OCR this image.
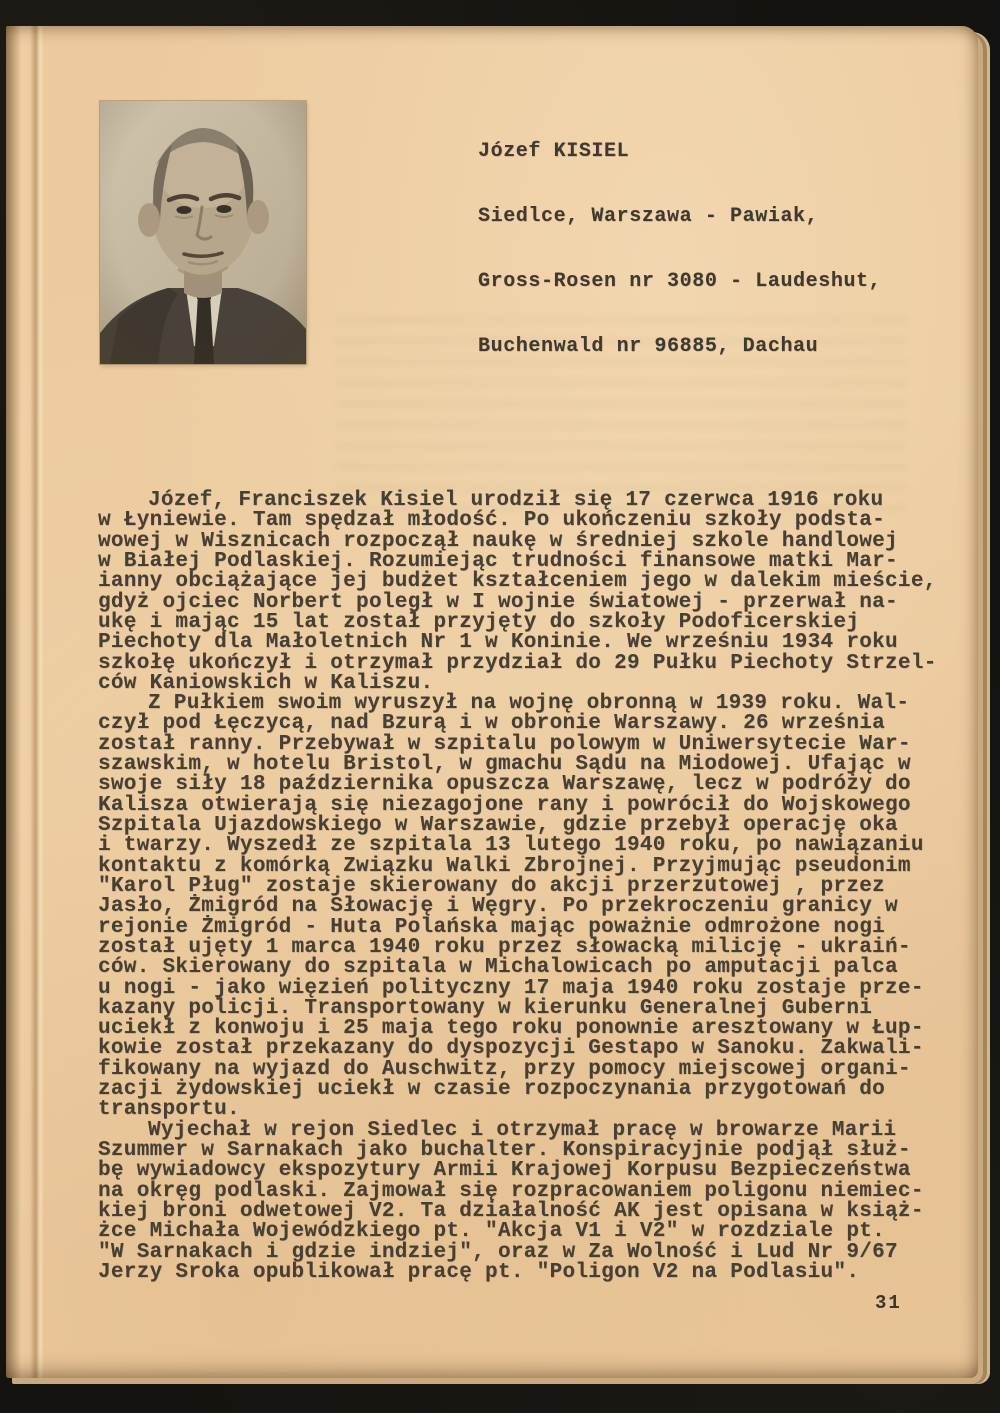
Józef KISIEL

Siedlce, Warszawa - Pawiak,

Gross-Rosen nr 3080 - Laudeshut,

Buchenwald nr 96885, Dachau

Józef, Franciszek Kisiel urodził się 17 czerwca 1916 roku
w Łyniewie. Tam spędzał młodość. Po ukończeniu szkoły podsta-
wowej w Wisznicach rozpoczął naukę w średniej szkole handlowej
w Białej Podlaskiej. Rozumiejąc trudności finansowe matki Mar-
ianny obciążające jej budżet kształceniem jego w dalekim mieście,
gdyż ojciec Norbert poległ w I wojnie światowej - przerwał na-
ukę i mając 15 lat został przyjęty do szkoły Podoficerskiej
Piechoty dla Małoletnich Nr 1 w Koninie. We wrześniu 1934 roku
szkołę ukończył i otrzymał przydział do 29 Pułku Piechoty Strzel-
ców Kaniowskich w Kaliszu.
Z Pułkiem swoim wyruszył na wojnę obronną w 1939 roku. Wal-
czył pod Łęczycą, nad Bzurą i w obronie Warszawy. 26 września
został ranny. Przebywał w szpitalu polowym w Uniwersytecie War-
szawskim, w hotelu Bristol, w gmachu Sądu na Miodowej. Ufając w
swoje siły 18 października opuszcza Warszawę, lecz w podróży do
Kalisza otwierają się niezagojone rany i powrócił do Wojskowego
Szpitala Ujazdowskiego w Warszawie, gdzie przebył operację oka
i twarzy. Wyszedł ze szpitala 13 lutego 1940 roku, po nawiązaniu
kontaktu z komórką Związku Walki Zbrojnej. Przyjmując pseudonim
"Karol Pług" zostaje skierowany do akcji przerzutowej , przez
Jasło, Żmigród na Słowację i Węgry. Po przekroczeniu granicy w
rejonie Żmigród - Huta Polańska mając poważnie odmrożone nogi
został ujęty 1 marca 1940 roku przez słowacką milicję - ukraiń-
ców. Skierowany do szpitala w Michalowicach po amputacji palca
u nogi - jako więzień polityczny 17 maja 1940 roku zostaje prze-
kazany policji. Transportowany w kierunku Generalnej Guberni
uciekł z konwoju i 25 maja tego roku ponownie aresztowany w Łup-
kowie został przekazany do dyspozycji Gestapo w Sanoku. Zakwali-
fikowany na wyjazd do Auschwitz, przy pomocy miejscowej organi-
zacji żydowskiej uciekł w czasie rozpoczynania przygotowań do
transportu.
Wyjechał w rejon Siedlec i otrzymał pracę w browarze Marii
Szummer w Sarnakach jako buchalter. Konspiracyjnie podjął służ-
bę wywiadowcy ekspozytury Armii Krajowej Korpusu Bezpieczeństwa
na okręg podlaski. Zajmował się rozpracowaniem poligonu niemiec-
kiej broni odwetowej V2. Ta działalność AK jest opisana w książ-
żce Michała Wojewódzkiego pt. "Akcja V1 i V2" w rozdziale pt.
"W Sarnakach i gdzie indziej", oraz w Za Wolność i Lud Nr 9/67
Jerzy Sroka opublikował pracę pt. "Poligon V2 na Podlasiu".
31
